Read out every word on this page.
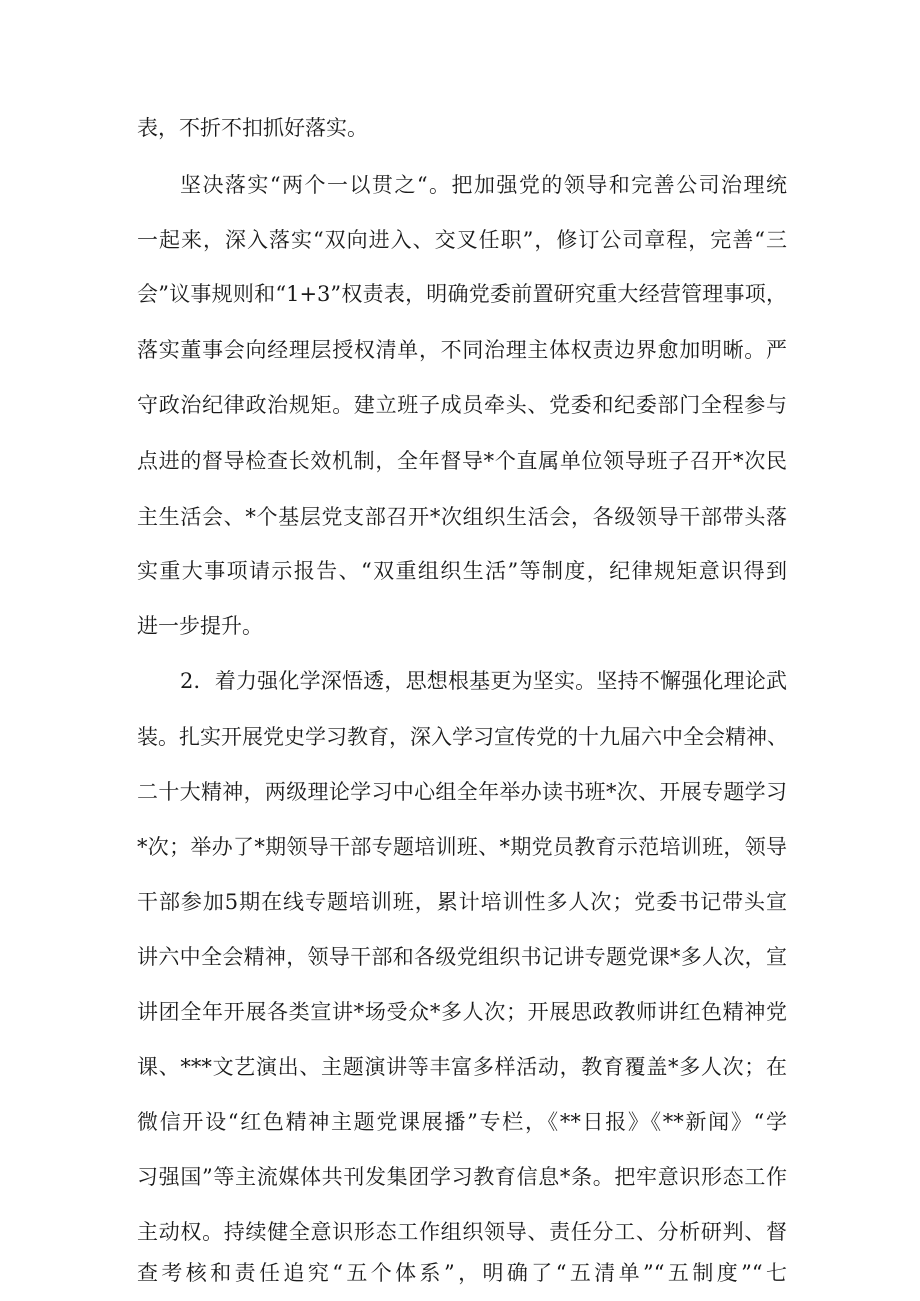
表，不折不扣抓好落实。
坚决落实“两个一以贯之“。把加强党的领导和完善公司治理统
一起来，深入落实“双向进入、交叉任职”，修订公司章程，完善“三
会”议事规则和“1+3”权责表，明确党委前置研究重大经营管理事项，
落实董事会向经理层授权清单，不同治理主体权责边界愈加明晰。严
守政治纪律政治规矩。建立班子成员牵头、党委和纪委部门全程参与
点进的督导检查长效机制，全年督导*个直属单位领导班子召开*次民
主生活会、*个基层党支部召开*次组织生活会，各级领导干部带头落
实重大事项请示报告、“双重组织生活”等制度，纪律规矩意识得到
进一步提升。
2．着力强化学深悟透，思想根基更为坚实。坚持不懈强化理论武
装。扎实开展党史学习教育，深入学习宣传党的十九届六中全会精神、
二十大精神，两级理论学习中心组全年举办读书班*次、开展专题学习
*次；举办了*期领导干部专题培训班、*期党员教育示范培训班，领导
干部参加5期在线专题培训班，累计培训性多人次；党委书记带头宣
讲六中全会精神，领导干部和各级党组织书记讲专题党课*多人次，宣
讲团全年开展各类宣讲*场受众*多人次；开展思政教师讲红色精神党
课、***文艺演出、主题演讲等丰富多样活动，教育覆盖*多人次；在
微信开设“红色精神主题党课展播”专栏，《**日报》《**新闻》“学
习强国”等主流媒体共刊发集团学习教育信息*条。把牢意识形态工作
主动权。持续健全意识形态工作组织领导、责任分工、分析研判、督
查考核和责任追究“五个体系”，明确了“五清单”“五制度”“七
